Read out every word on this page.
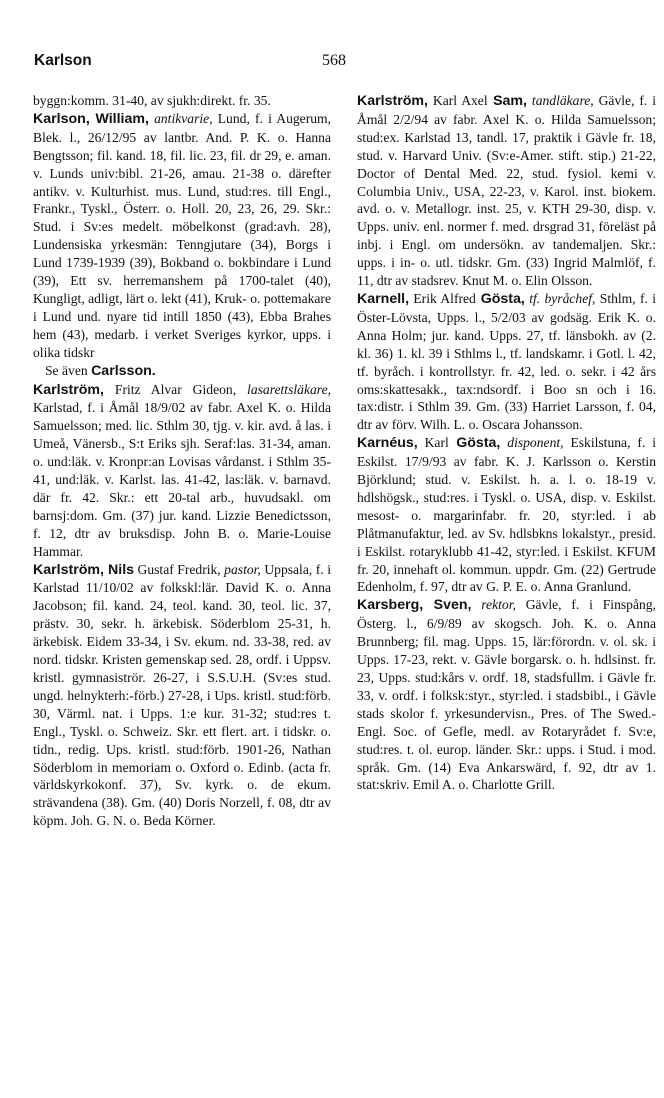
Karlson	568

byggn:komm. 31-40, av sjukh:direkt. fr. 35.

Karlson, William, antikvarie, Lund, f. i Augerum, Blek. l., 26/12/95 av lantbr. And. P. K. o. Hanna Bengtsson; fil. kand. 18, fil. lic. 23, fil. dr 29, e. aman. v. Lunds univ:bibl. 21-26, amau. 21-38 o. därefter antikv. v. Kulturhist. mus. Lund, stud:res. till Engl., Frankr., Tyskl., Österr. o. Holl. 20, 23, 26, 29. Skr.: Stud. i Sv:es medelt. möbelkonst (grad:avh. 28), Lundensiska yrkesmän: Tenngjutare (34), Borgs i Lund 1739-1939 (39), Bokband o. bokbindare i Lund (39), Ett sv. herremanshem på 1700-talet (40), Kungligt, adligt, lärt o. lekt (41), Kruk- o. pottemakare i Lund und. nyare tid intill 1850 (43), Ebba Brahes hem (43), medarb. i verket Sveriges kyrkor, upps. i olika tidskr

Se även Carlsson.

Karlström, Fritz Alvar Gideon, lasarettsläkare, Karlstad, f. i Åmål 18/9/02 av fabr. Axel K. o. Hilda Samuelsson; med. lic. Sthlm 30, tjg. v. kir. avd. å las. i Umeå, Vänersb., S:t Eriks sjh. Seraf:las. 31-34, aman. o. und:läk. v. Kronpr:an Lovisas vårdanst. i Sthlm 35-41, und:läk. v. Karlst. las. 41-42, las:läk. v. barnavd. där fr. 42. Skr.: ett 20-tal arb., huvudsakl. om barnsj:dom. Gm. (37) jur. kand. Lizzie Benedictsson, f. 12, dtr av bruksdisp. John B. o. Marie-Louise Hammar.

Karlström, Nils Gustaf Fredrik, pastor, Uppsala, f. i Karlstad 11/10/02 av folkskl:lär. David K. o. Anna Jacobson; fil. kand. 24, teol. kand. 30, teol. lic. 37, prästv. 30, sekr. h. ärkebisk. Söderblom 25-31, h. ärkebisk. Eidem 33-34, i Sv. ekum. nd. 33-38, red. av nord. tidskr. Kristen gemenskap sed. 28, ordf. i Uppsv. kristl. gymnasiströr. 26-27, i S.S.U.H. (Sv:es stud. ungd. helnykterh:-förb.) 27-28, i Ups. kristl. stud:förb. 30, Värml. nat. i Upps. 1:e kur. 31-32; stud:res t. Engl., Tyskl. o. Schweiz. Skr. ett flert. art. i tidskr. o. tidn., redig. Ups. kristl. stud:förb. 1901-26, Nathan Söderblom in memoriam o. Oxford o. Edinb. (acta fr. världskyrkokonf. 37), Sv. kyrk. o. de ekum. strävandena (38). Gm. (40) Doris Norzell, f. 08, dtr av köpm. Joh. G. N. o. Beda Körner.

Karlström, Karl Axel Sam, tandläkare, Gävle, f. i Åmål 2/2/94 av fabr. Axel K. o. Hilda Samuelsson; stud:ex. Karlstad 13, tandl. 17, praktik i Gävle fr. 18, stud. v. Harvard Univ. (Sv:e-Amer. stift. stip.) 21-22, Doctor of Dental Med. 22, stud. fysiol. kemi v. Columbia Univ., USA, 22-23, v. Karol. inst. biokem. avd. o. v. Metallogr. inst. 25, v. KTH 29-30, disp. v. Upps. univ. enl. normer f. med. drsgrad 31, föreläst på inbj. i Engl. om undersökn. av tandemaljen. Skr.: upps. i in- o. utl. tidskr. Gm. (33) Ingrid Malmlöf, f. 11, dtr av stadsrev. Knut M. o. Elin Olsson.

Karnell, Erik Alfred Gösta, tf. byråchef, Sthlm, f. i Öster-Lövsta, Upps. l., 5/2/03 av godsäg. Erik K. o. Anna Holm; jur. kand. Upps. 27, tf. länsbokh. av (2. kl. 36) 1. kl. 39 i Sthlms l., tf. landskamr. i Gotl. l. 42, tf. byråch. i kontrollstyr. fr. 42, led. o. sekr. i 42 års oms:skattesakk., tax:ndsordf. i Boo sn och i 16. tax:distr. i Sthlm 39. Gm. (33) Harriet Larsson, f. 04, dtr av förv. Wilh. L. o. Oscara Johansson.

Karnéus, Karl Gösta, disponent, Eskilstuna, f. i Eskilst. 17/9/93 av fabr. K. J. Karlsson o. Kerstin Björklund; stud. v. Eskilst. h. a. l. o. 18-19 v. hdlshögsk., stud:res. i Tyskl. o. USA, disp. v. Eskilst. mesost- o. margarinfabr. fr. 20, styr:led. i ab Plåtmanufaktur, led. av Sv. hdlsbkns lokalstyr., presid. i Eskilst. rotaryklubb 41-42, styr:led. i Eskilst. KFUM fr. 20, innehaft ol. kommun. uppdr. Gm. (22) Gertrude Edenholm, f. 97, dtr av G. P. E. o. Anna Granlund.

Karsberg, Sven, rektor, Gävle, f. i Finspång, Österg. l., 6/9/89 av skogsch. Joh. K. o. Anna Brunnberg; fil. mag. Upps. 15, lär:förordn. v. ol. sk. i Upps. 17-23, rekt. v. Gävle borgarsk. o. h. hdlsinst. fr. 23, Upps. stud:kårs v. ordf. 18, stadsfullm. i Gävle fr. 33, v. ordf. i folksk:styr., styr:led. i stadsbibl., i Gävle stads skolor f. yrkesundervisn., Pres. of The Swed.-Engl. Soc. of Gefle, medl. av Rotaryrådet f. Sv:e, stud:res. t. ol. europ. länder. Skr.: upps. i Stud. i mod. språk. Gm. (14) Eva Ankarswärd, f. 92, dtr av 1. stat:skriv. Emil A. o. Charlotte Grill.
